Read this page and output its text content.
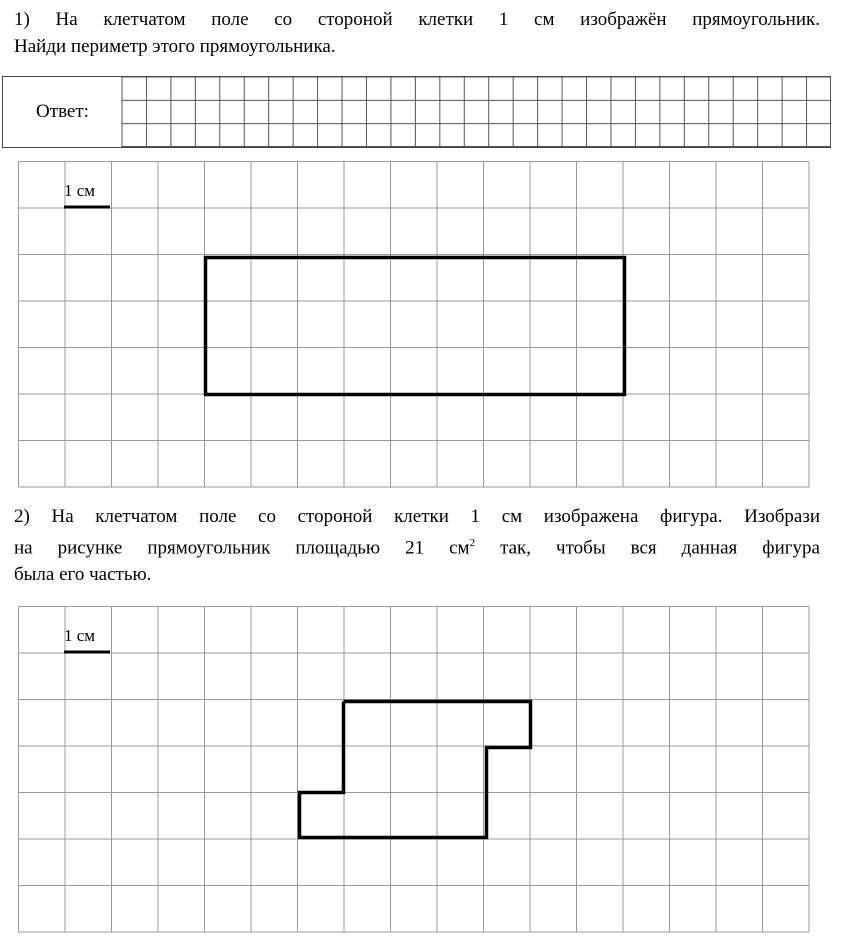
1) На клетчатом поле со стороной клетки 1 см изображён прямоугольник.
Найди периметр этого прямоугольника.
Ответ:
1 см
1 см
2) На клетчатом поле со стороной клетки 1 см изображена фигура. Изобрази
на рисунке прямоугольник площадью 21 $см^2$ так, чтобы вся данная фигура
была его частью.
